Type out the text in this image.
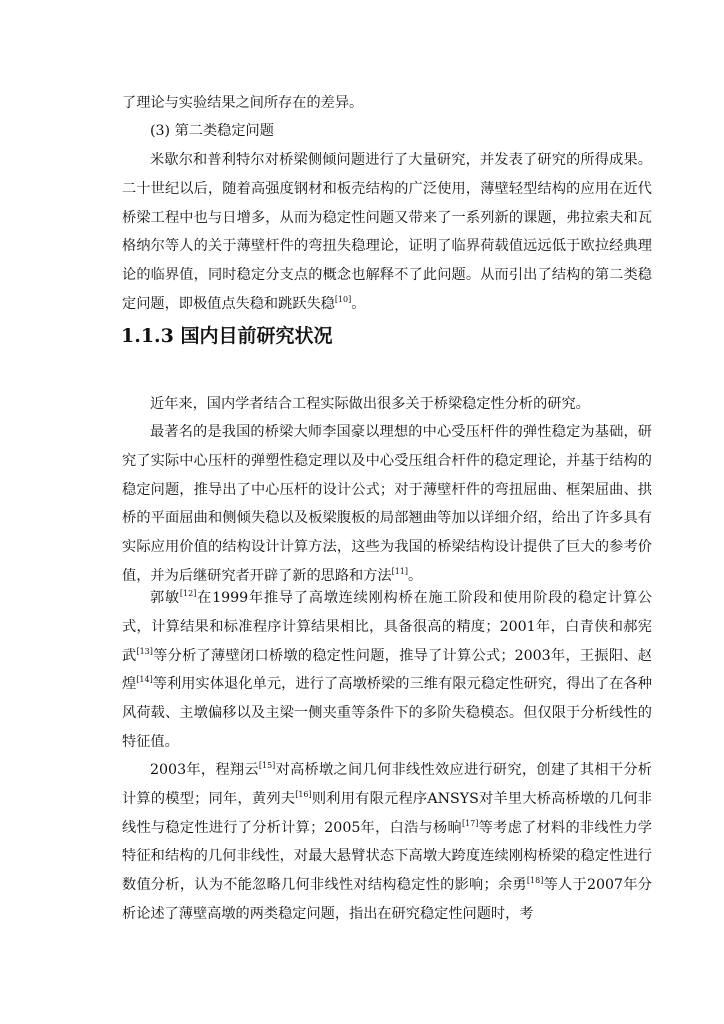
了理论与实验结果之间所存在的差异。

(3) 第二类稳定问题

米歇尔和普利特尔对桥梁侧倾问题进行了大量研究，并发表了研究的所得成果。二十世纪以后，随着高强度钢材和板壳结构的广泛使用，薄壁轻型结构的应用在近代桥梁工程中也与日增多，从而为稳定性问题又带来了一系列新的课题，弗拉索夫和瓦格纳尔等人的关于薄壁杆件的弯扭失稳理论，证明了临界荷载值远远低于欧拉经典理论的临界值，同时稳定分支点的概念也解释不了此问题。从而引出了结构的第二类稳定问题，即极值点失稳和跳跃失稳[10]。

1.1.3 国内目前研究状况

近年来，国内学者结合工程实际做出很多关于桥梁稳定性分析的研究。

最著名的是我国的桥梁大师李国豪以理想的中心受压杆件的弹性稳定为基础，研究了实际中心压杆的弹塑性稳定理以及中心受压组合杆件的稳定理论，并基于结构的稳定问题，推导出了中心压杆的设计公式；对于薄壁杆件的弯扭屈曲、框架屈曲、拱桥的平面屈曲和侧倾失稳以及板梁腹板的局部翘曲等加以详细介绍，给出了许多具有实际应用价值的结构设计计算方法，这些为我国的桥梁结构设计提供了巨大的参考价值，并为后继研究者开辟了新的思路和方法[11]。

郭敏[12]在1999年推导了高墩连续刚构桥在施工阶段和使用阶段的稳定计算公式，计算结果和标准程序计算结果相比，具备很高的精度；2001年，白青侠和郝宪武[13]等分析了薄壁闭口桥墩的稳定性问题，推导了计算公式；2003年，王振阳、赵煌[14]等利用实体退化单元，进行了高墩桥梁的三维有限元稳定性研究，得出了在各种风荷载、主墩偏移以及主梁一侧夹重等条件下的多阶失稳模态。但仅限于分析线性的特征值。

2003年，程翔云[15]对高桥墩之间几何非线性效应进行研究，创建了其相干分析计算的模型；同年，黄列夫[16]则利用有限元程序ANSYS对羊里大桥高桥墩的几何非线性与稳定性进行了分析计算；2005年，白浩与杨晌[17]等考虑了材料的非线性力学特征和结构的几何非线性，对最大悬臂状态下高墩大跨度连续刚构桥梁的稳定性进行数值分析，认为不能忽略几何非线性对结构稳定性的影响；余勇[18]等人于2007年分析论述了薄壁高墩的两类稳定问题，指出在研究稳定性问题时，考
